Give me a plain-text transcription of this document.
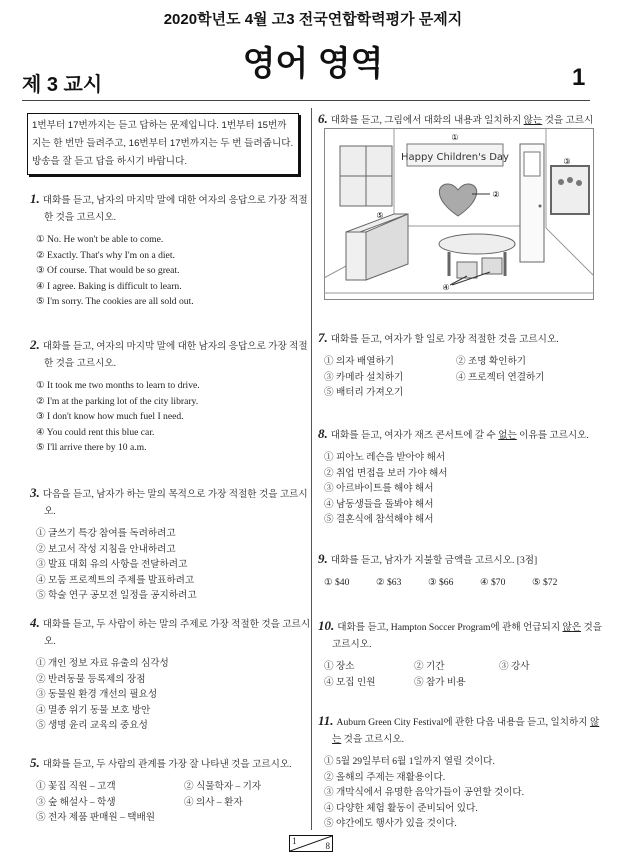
2020학년도 4월 고3 전국연합학력평가 문제지
영어 영역
제 3 교시	1
1번부터 17번까지는 듣고 답하는 문제입니다. 1번부터 15번까지는 한 번만 들려주고, 16번부터 17번까지는 두 번 들려줍니다. 방송을 잘 듣고 답을 하시기 바랍니다.
1. 대화를 듣고, 남자의 마지막 말에 대한 여자의 응답으로 가장 적절한 것을 고르시오.
① No. He won't be able to come.
② Exactly. That's why I'm on a diet.
③ Of course. That would be so great.
④ I agree. Baking is difficult to learn.
⑤ I'm sorry. The cookies are all sold out.
2. 대화를 듣고, 여자의 마지막 말에 대한 남자의 응답으로 가장 적절한 것을 고르시오.
① It took me two months to learn to drive.
② I'm at the parking lot of the city library.
③ I don't know how much fuel I need.
④ You could rent this blue car.
⑤ I'll arrive there by 10 a.m.
3. 다음을 듣고, 남자가 하는 말의 목적으로 가장 적절한 것을 고르시오.
① 글쓰기 특강 참여를 독려하려고
② 보고서 작성 지침을 안내하려고
③ 발표 대회 유의 사항을 전달하려고
④ 모둠 프로젝트의 주제를 발표하려고
⑤ 학술 연구 공모전 일정을 공지하려고
4. 대화를 듣고, 두 사람이 하는 말의 주제로 가장 적절한 것을 고르시오.
① 개인 정보 자료 유출의 심각성
② 반려동물 등록제의 장점
③ 동물원 환경 개선의 필요성
④ 멸종 위기 동물 보호 방안
⑤ 생명 윤리 교육의 중요성
5. 대화를 듣고, 두 사람의 관계를 가장 잘 나타낸 것을 고르시오.
① 꽃집 직원 – 고객	② 식물학자 – 기자
③ 숲 해설사 – 학생	④ 의사 – 환자
⑤ 전자 제품 판매원 – 택배원
6. 대화를 듣고, 그림에서 대화의 내용과 일치하지 않는 것을 고르시
Happy Children's Day
①
②
③
⑤
④
7. 대화를 듣고, 여자가 할 일로 가장 적절한 것을 고르시오.
① 의자 배열하기	② 조명 확인하기
③ 카메라 설치하기	④ 프로젝터 연결하기
⑤ 배터리 가져오기
8. 대화를 듣고, 여자가 재즈 콘서트에 갈 수 없는 이유를 고르시오.
① 피아노 레슨을 받아야 해서
② 취업 면접을 보러 가야 해서
③ 아르바이트를 해야 해서
④ 남동생들을 돌봐야 해서
⑤ 결혼식에 참석해야 해서
9. 대화를 듣고, 남자가 지불할 금액을 고르시오. [3점]
① $40	② $63	③ $66	④ $70	⑤ $72
10. 대화를 듣고, Hampton Soccer Program에 관해 언급되지 않은 것을 고르시오.
① 장소	② 기간	③ 강사
④ 모집 인원	⑤ 참가 비용
11. Auburn Green City Festival에 관한 다음 내용을 듣고, 일치하지 않는 것을 고르시오.
① 5월 29일부터 6월 1일까지 열릴 것이다.
② 올해의 주제는 재활용이다.
③ 개막식에서 유명한 음악가들이 공연할 것이다.
④ 다양한 체험 활동이 준비되어 있다.
⑤ 야간에도 행사가 있을 것이다.
1	8
